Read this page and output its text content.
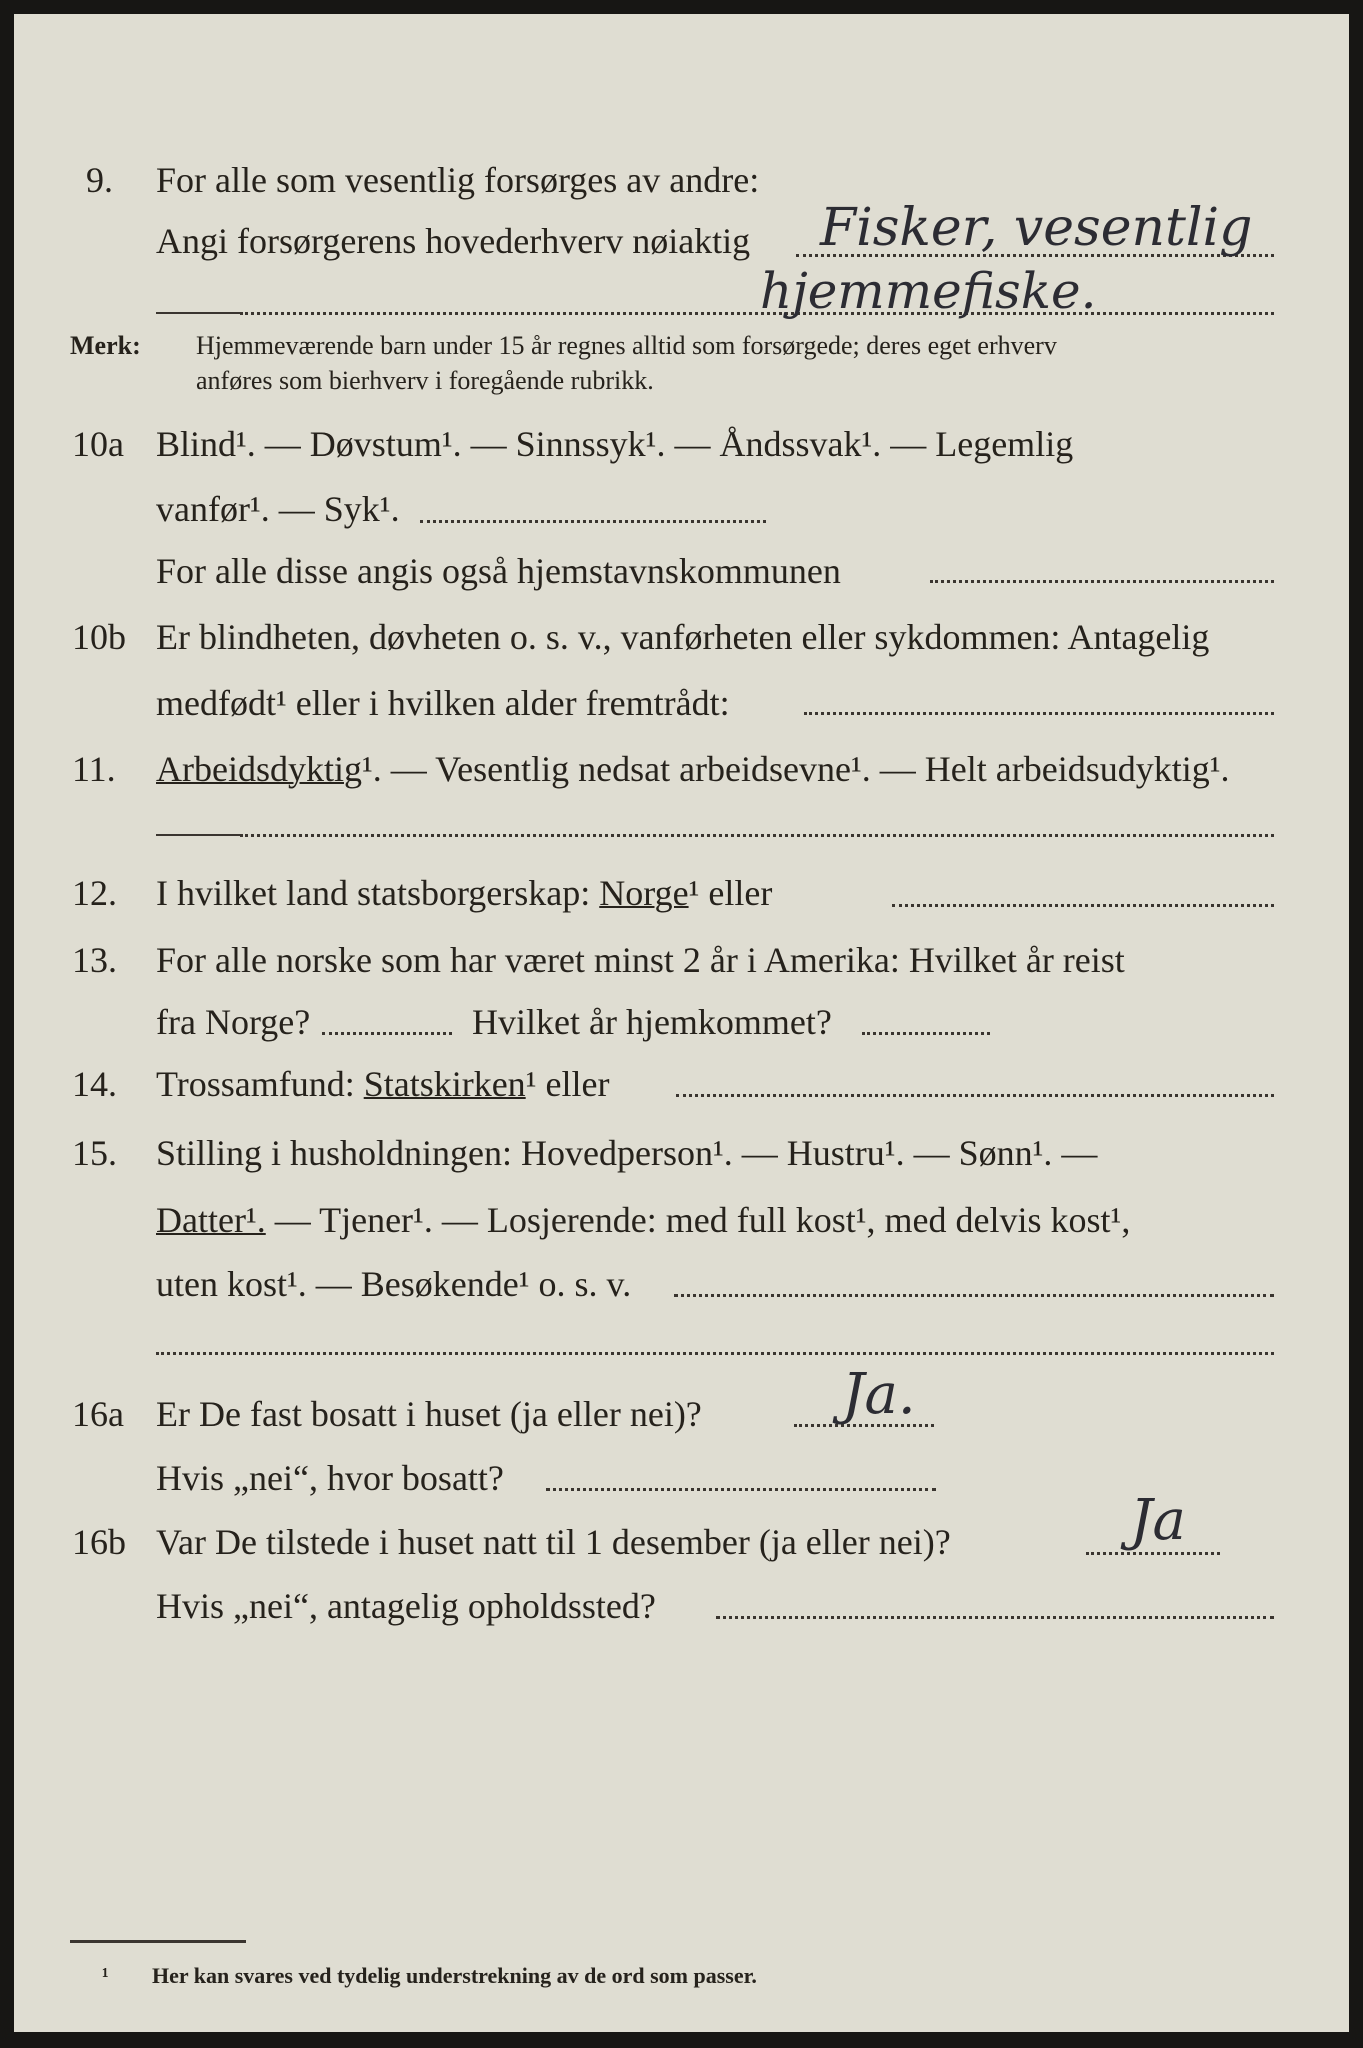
9. For alle som vesentlig forsørges av andre:
Angi forsørgerens hovederhverv nøiaktig Fisker, vesentlig
hjemmefiske.
Merk: Hjemmeværende barn under 15 år regnes alltid som forsørgede; deres eget erhverv
anføres som bierhverv i foregående rubrikk.
10a Blind¹. — Døvstum¹. — Sinnssyk¹. — Åndssvak¹. — Legemlig
vanfør¹. — Syk¹.
For alle disse angis også hjemstavnskommunen
10b Er blindheten, døvheten o. s. v., vanførheten eller sykdommen: Antagelig
medfødt¹ eller i hvilken alder fremtrådt:
11. Arbeidsdyktig¹. — Vesentlig nedsat arbeidsevne¹. — Helt arbeidsudyktig¹.
12. I hvilket land statsborgerskap: Norge¹ eller
13. For alle norske som har været minst 2 år i Amerika: Hvilket år reist
fra Norge?	Hvilket år hjemkommet?
14. Trossamfund: Statskirken¹ eller
15. Stilling i husholdningen: Hovedperson¹. — Hustru¹. — Sønn¹. —
Datter¹. — Tjener¹. — Losjerende: med full kost¹, med delvis kost¹,
uten kost¹. — Besøkende¹ o. s. v.
16a Er De fast bosatt i huset (ja eller nei)?	Ja.
Hvis „nei“, hvor bosatt?
16b Var De tilstede i huset natt til 1 desember (ja eller nei)?	Ja
Hvis „nei“, antagelig opholdssted?
¹ Her kan svares ved tydelig understrekning av de ord som passer.
